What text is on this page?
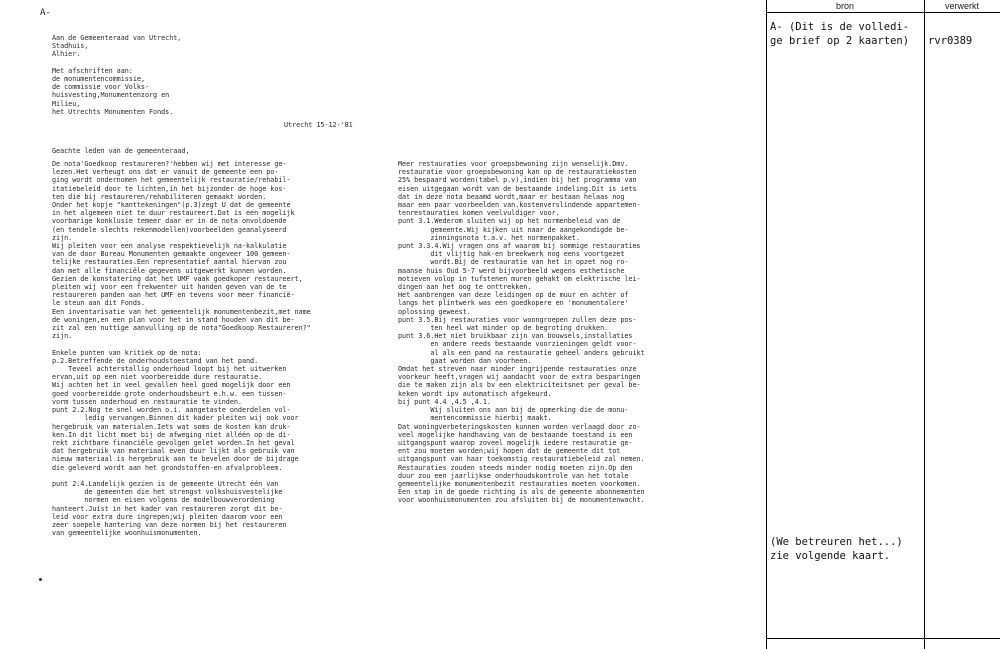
A-
Aan de Gemeenteraad van Utrecht,
Stadhuis,
Alhier.

Met afschriften aan:
de monumentencommissie,
de commissie voor Volks-
huisvesting,Monumentenzorg en
Milieu,
het Utrechts Monumenten Fonds.
Utrecht 15-12-'81
Geachte leden van de gemeenteraad,
De nota'Goedkoop restaureren?'hebben wij met interesse ge-
lezen.Het verheugt ons dat er vanuit de gemeente een po-
ging wordt ondernomen het gemeentelijk restauratie/rehabil-
itatiebeleid door te lichten,in het bijzonder de hoge kos-
ten die bij restaureren/rehabiliteren gemaakt worden.
Onder het kopje "kanttekeningen"(p.3)zegt U dat de gemeente
in het algemeen niet te duur restaureert.Dat is een mogelijk
voorbarige konklusie temeer daar er in de nota onvoldoende
(en tendele slechts rekenmodellen)voorbeelden geanalyseerd
zijn.
Wij pleiten voor een analyse respektievelijk na-kalkulatie
van de door Bureau Monumenten gemaakte ongeveer 100 gemeen-
telijke restauraties.Een representatief aantal hiervan zou
dan met alle financiële gegevens uitgewerkt kunnen worden.
Gezien de konstatering dat het UMF vaak goedkoper restaureert,
pleiten wij voor een frekwenter uit handen geven van de te
restaureren panden aan het UMF en tevens voor meer financië-
le steun aan dit Fonds.
Een inventarisatie van het gemeentelijk monumentenbezit,met name
de woningen,en een plan voor het in stand houden van dit be-
zit zal een nuttige aanvulling op de nota"Goedkoop Restaureren?"
zijn.

Enkele punten van kritiek op de nota:
p.2.Betreffende de onderhoudstoestand van het pand.
Teveel achterstallig onderhoud loopt bij het uitwerken
ervan,uit op een niet voorbereidde dure restauratie.
Wij achten het in veel gevallen heel goed mogelijk door een
goed voorbereidde grote onderhoudsbeurt e.h.w. een tussen-
vorm tussen onderhoud en restauratie te vinden.
punt 2.2.Nog te snel worden o.i. aangetaste onderdelen vol-
ledig vervangen.Binnen dit kader pleiten wij ook voor
hergebruik van materialen.Iets wat soms de kosten kan druk-
ken.In dit licht moet bij de afweging niet alléén op de di-
rekt zichtbare financiële gevolgen gelet worden.In het geval
dat hergebruik van materiaal even duur lijkt als gebruik van
nieuw materiaal is hergebruik aan te bevelen door de bijdrage
die geleverd wordt aan het grondstoffen-en afvalprobleem.

punt 2.4.Landelijk gezien is de gemeente Utrecht één van
de gemeenten die het strengst volkshuisvestelijke
normen en eisen volgens de modelbouwverordening
hanteert.Juist in het kader van restaureren zorgt dit be-
leid voor extra dure ingrepen;wij pleiten daarom voor een
zeer soepele hantering van deze normen bij het restaureren
van gemeentelijke woonhuismonumenten.
Meer restauraties voor groepsbewoning zijn wenselijk.Dmv.
restauratie voor groepsbewoning kan op de restauratiekosten
25% bespaard worden(tabel p.v),indien bij het programma van
eisen uitgegaan wordt van de bestaande indeling.Dit is iets
dat in deze nota beaamd wordt,maar er bestaan helaas nog
maar een paar voorbeelden van.kostenverslindende appartemen-
tenrestauraties komen veelvuldiger voor.
punt 3.1.Wederom sluiten wij op het normenbeleid van de
gemeente.Wij kijken uit naar de aangekondigde be-
zinningsnota t.a.v. het normenpakket.
punt 3.3.4.Wij vragen ons af waarom bij sommige restauraties
dit vlijtig hak-en breekwerk nog eens voortgezet
wordt.Bij de restauratie van het in opzet nog ro-
maanse huis Oud 5-7 werd bijvoorbeeld wegens esthetische
motieven volop in tufstenen muren gehakt om elektrische lei-
dingen aan het oog te onttrekken.
Het aanbrengen van deze leidingen op de muur en achter of
langs het plintwerk was een goedkopere en 'monumentalere'
oplossing geweest.
punt 3.5.Bij restauraties voor woongroepen zullen deze pos-
ten heel wat minder op de begroting drukken.
punt 3.6.Het niet bruikbaar zijn van bouwsels,installaties
en andere reeds bestaande voorzieningen geldt voor-
al als een pand na restauratie geheel anders gebruikt
gaat worden dan voorheen.
Omdat het streven naar minder ingrijpende restauraties onze
voorkeur heeft,vragen wij aandacht voor de extra besparingen
die te maken zijn als bv een elektriciteitsnet per geval be-
keken wordt ipv automatisch afgekeurd.
bij punt 4.4 ,4.5 ,4.1.
Wij sluiten ons aan bij de opmerking die de monu-
mentencommissie hierbij maakt.
Dat woningverbeteringskosten kunnen worden verlaagd door zo-
veel mogelijke handhaving van de bestaande toestand is een
uitgangspunt waarop zoveel mogelijk iedere restauratie ge-
ent zou moeten worden;wij hopen dat de gemeente dit tot
uitgangspunt van haar toekomstig restauratiebeleid zal nemen.
Restauraties zouden steeds minder nodig moeten zijn.Op den
duur zou een jaarlijkse onderhoudskontrole van het totale
gemeentelijke monumentenbezit restauraties moeten voorkomen.
Een stap in de goede richting is als de gemeente abonnementen
voor woonhuismonumenten zou afsluiten bij de monumentenwacht.
bron	verwerkt
A- (Dit is de volledi-
ge brief op 2 kaarten) rvr0389
(We betreuren het...)
zie volgende kaart.
